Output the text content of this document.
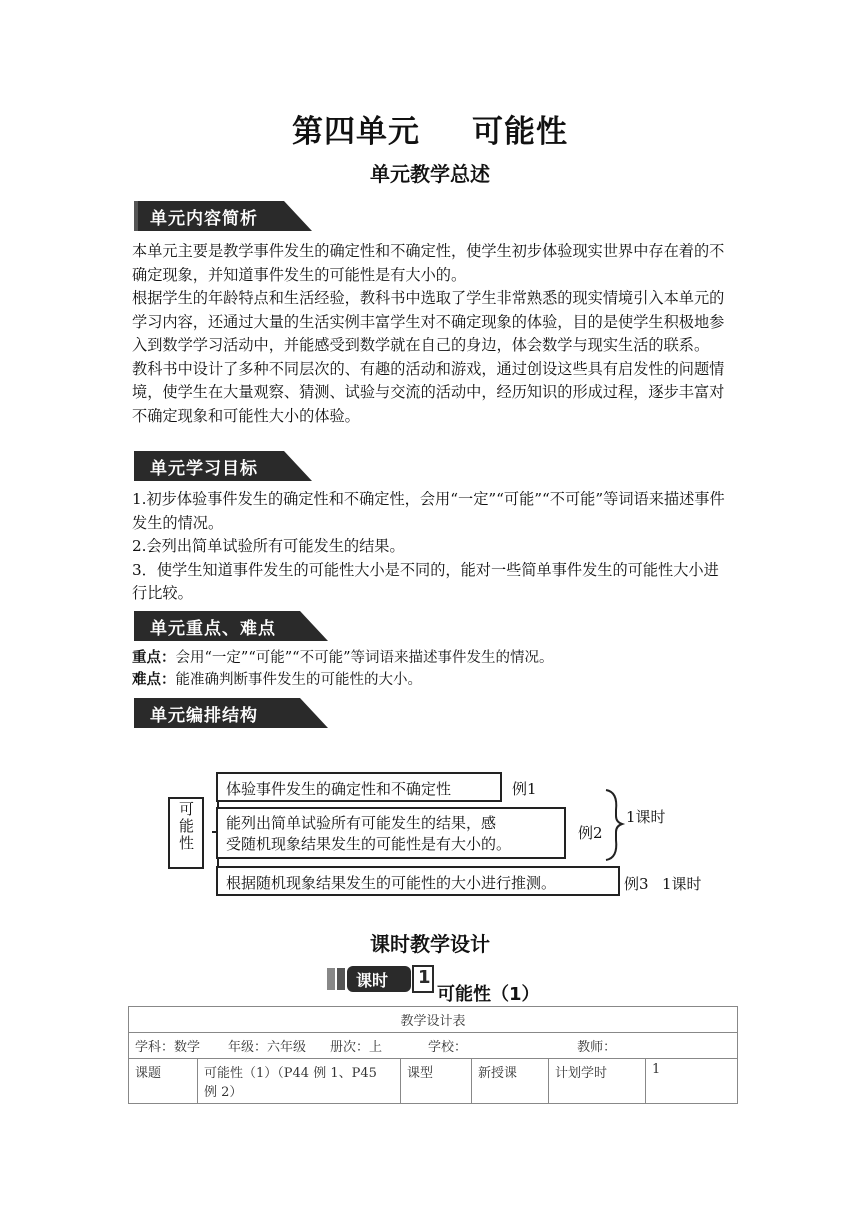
第四单元 可能性
单元教学总述
单元内容简析

本单元主要是教学事件发生的确定性和不确定性，使学生初步体验现实世界中存在着的不确定现象，并知道事件发生的可能性是有大小的。

根据学生的年龄特点和生活经验，教科书中选取了学生非常熟悉的现实情境引入本单元的学习内容，还通过大量的生活实例丰富学生对不确定现象的体验，目的是使学生积极地参入到数学学习活动中，并能感受到数学就在自己的身边，体会数学与现实生活的联系。

教科书中设计了多种不同层次的、有趣的活动和游戏，通过创设这些具有启发性的问题情境，使学生在大量观察、猜测、试验与交流的活动中，经历知识的形成过程，逐步丰富对不确定现象和可能性大小的体验。

单元学习目标

1.初步体验事件发生的确定性和不确定性，会用“一定”“可能”“不可能”等词语来描述事件发生的情况。

2.会列出简单试验所有可能发生的结果。

3．使学生知道事件发生的可能性大小是不同的，能对一些简单事件发生的可能性大小进行比较。

单元重点、难点
重点：会用“一定”“可能”“不可能”等词语来描述事件发生的情况。
难点：能准确判断事件发生的可能性的大小。
单元编排结构
可能性
体验事件发生的确定性和不确定性	例1
能列出简单试验所有可能发生的结果，感
受随机现象结果发生的可能性是有大小的。
例2
1课时
根据随机现象结果发生的可能性的大小进行推测。	例3 1课时
课时教学设计
课时 1
可能性（1）
教学设计表
学科：数学 年级：六年级 册次：上	学校：	教师：
课题	可能性（1）（P44 例 1、P45 例 2）	课型	新授课	计划学时	1
